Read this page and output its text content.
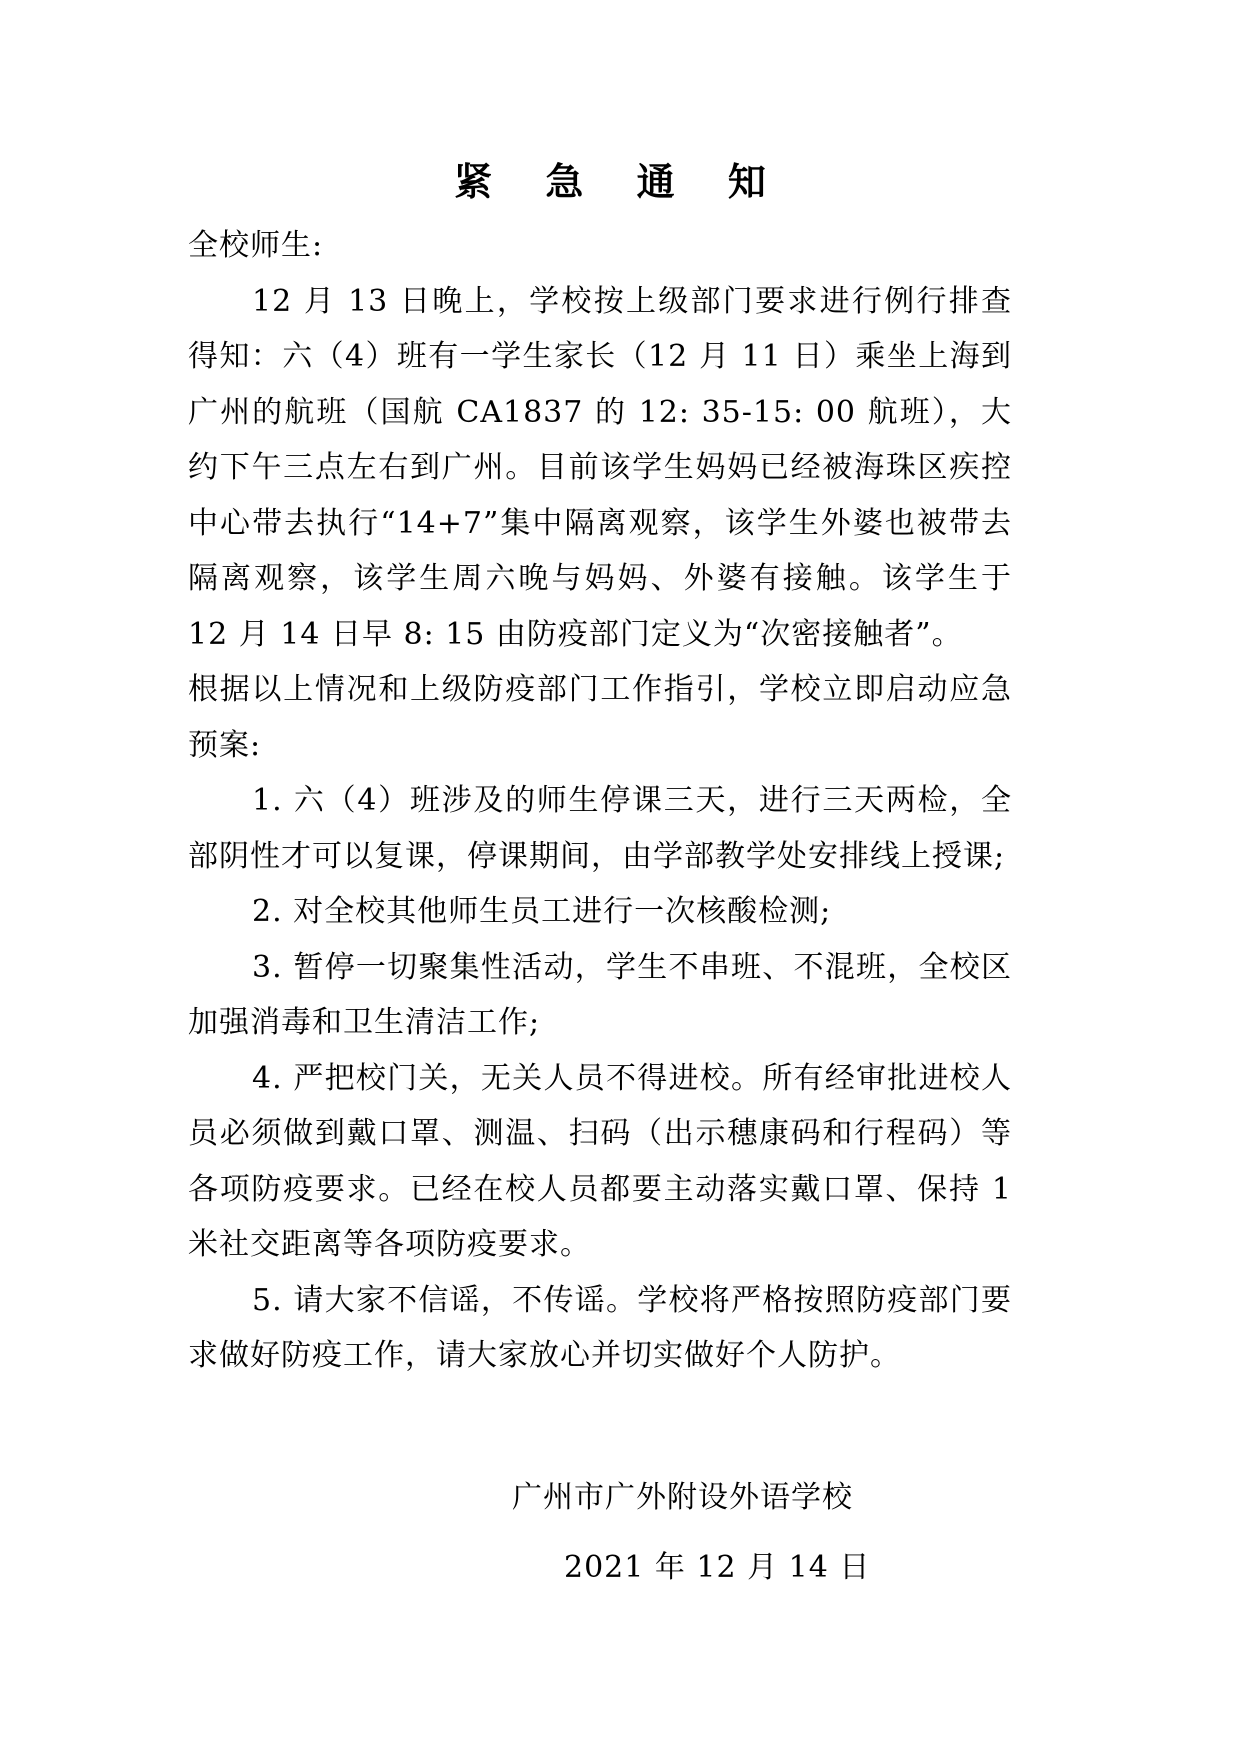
紧 急 通 知

全校师生:

12 月 13 日晚上，学校按上级部门要求进行例行排查得知：六（4）班有一学生家长（12 月 11 日）乘坐上海到广州的航班（国航 CA1837 的 12: 35-15: 00 航班），大约下午三点左右到广州。目前该学生妈妈已经被海珠区疾控中心带去执行“14+7”集中隔离观察，该学生外婆也被带去隔离观察，该学生周六晚与妈妈、外婆有接触。该学生于 12 月 14 日早 8: 15 由防疫部门定义为“次密接触者”。

根据以上情况和上级防疫部门工作指引，学校立即启动应急预案:

1. 六（4）班涉及的师生停课三天，进行三天两检，全部阴性才可以复课，停课期间，由学部教学处安排线上授课;

2. 对全校其他师生员工进行一次核酸检测;

3. 暂停一切聚集性活动，学生不串班、不混班，全校区加强消毒和卫生清洁工作;

4. 严把校门关，无关人员不得进校。所有经审批进校人员必须做到戴口罩、测温、扫码（出示穗康码和行程码）等各项防疫要求。已经在校人员都要主动落实戴口罩、保持 1 米社交距离等各项防疫要求。

5. 请大家不信谣，不传谣。学校将严格按照防疫部门要求做好防疫工作，请大家放心并切实做好个人防护。

广州市广外附设外语学校
2021 年 12 月 14 日
